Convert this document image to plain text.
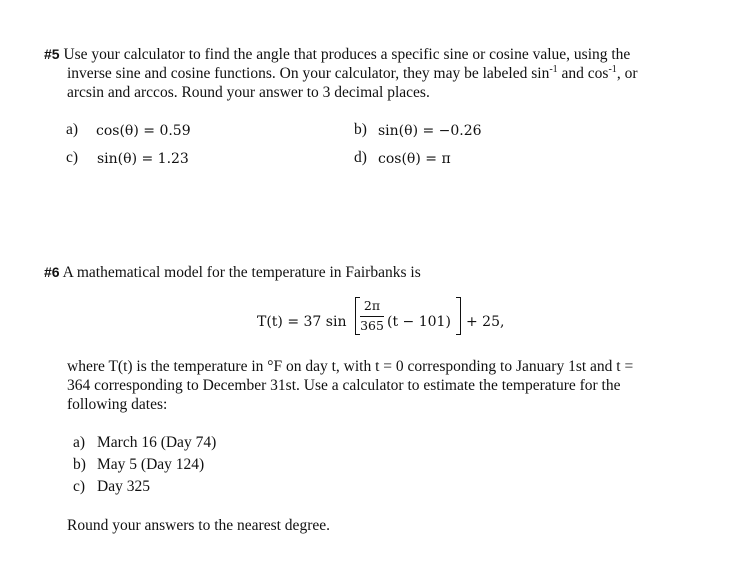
#5 Use your calculator to find the angle that produces a specific sine or cosine value, using the
inverse sine and cosine functions. On your calculator, they may be labeled $\sin^{-1}$ and $\cos^{-1}$, or
arcsin and arccos. Round your answer to 3 decimal places.
a) cos(θ) = 0.59	b) sin(θ) = −0.26
c) sin(θ) = 1.23	d) cos(θ) = π
#6 A mathematical model for the temperature in Fairbanks is
T(t) = 37 sin
2π
365 (t − 101) + 25,
where T(t) is the temperature in °F on day t, with t = 0 corresponding to January 1st and t =
364 corresponding to December 31st. Use a calculator to estimate the temperature for the
following dates:
a) March 16 (Day 74)
b) May 5 (Day 124)
c) Day 325
Round your answers to the nearest degree.
